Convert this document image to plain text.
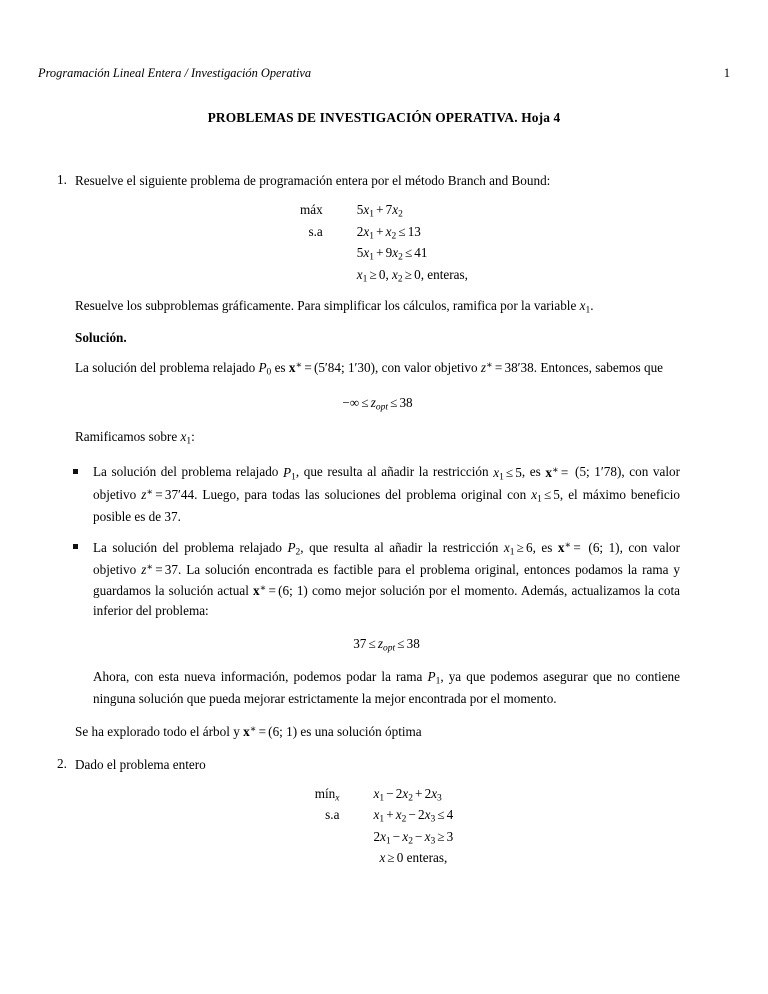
Programación Lineal Entera / Investigación Operativa	1
PROBLEMAS DE INVESTIGACIÓN OPERATIVA. Hoja 4
1. Resuelve el siguiente problema de programación entera por el método Branch and Bound:
máx	5x1 + 7x2
s.a	2x1 + x2 ≤ 13
5x1 + 9x2 ≤ 41
x1 ≥ 0, x2 ≥ 0, enteras,
Resuelve los subproblemas gráficamente. Para simplificar los cálculos, ramifica por la variable x1.
Solución.
La solución del problema relajado P0 es x∗ = (5′84; 1′30), con valor objetivo z∗ = 38′38. Entonces, sabemos que
−∞ ≤ $z_{opt} \le 38$
Ramificamos sobre x1:
La solución del problema relajado P1, que resulta al añadir la restricción x1 ≤ 5, es x∗ = (5; 1′78), con valor objetivo z∗ = 37′44. Luego, para todas las soluciones del problema original con x1 ≤ 5, el máximo beneficio posible es de 37.
La solución del problema relajado P2, que resulta al añadir la restricción x1 ≥ 6, es x∗ = (6; 1), con valor objetivo z∗ = 37. La solución encontrada es factible para el problema original, entonces podamos la rama y guardamos la solución actual x∗ = (6; 1) como mejor solución por el momento. Además, actualizamos la cota inferior del problema:
$37 \le z_{opt} \le 38$
Ahora, con esta nueva información, podemos podar la rama P1, ya que podemos asegurar que no contiene ninguna solución que pueda mejorar estrictamente la mejor encontrada por el momento.
Se ha explorado todo el árbol y x∗ = (6; 1) es una solución óptima
2. Dado el problema entero
mín$_x$	x1 − 2x2 + 2x3
s.a	x1 + x2 − 2x3 ≤ 4
2x1 − x2 − x3 ≥ 3
x ≥ 0 enteras,
